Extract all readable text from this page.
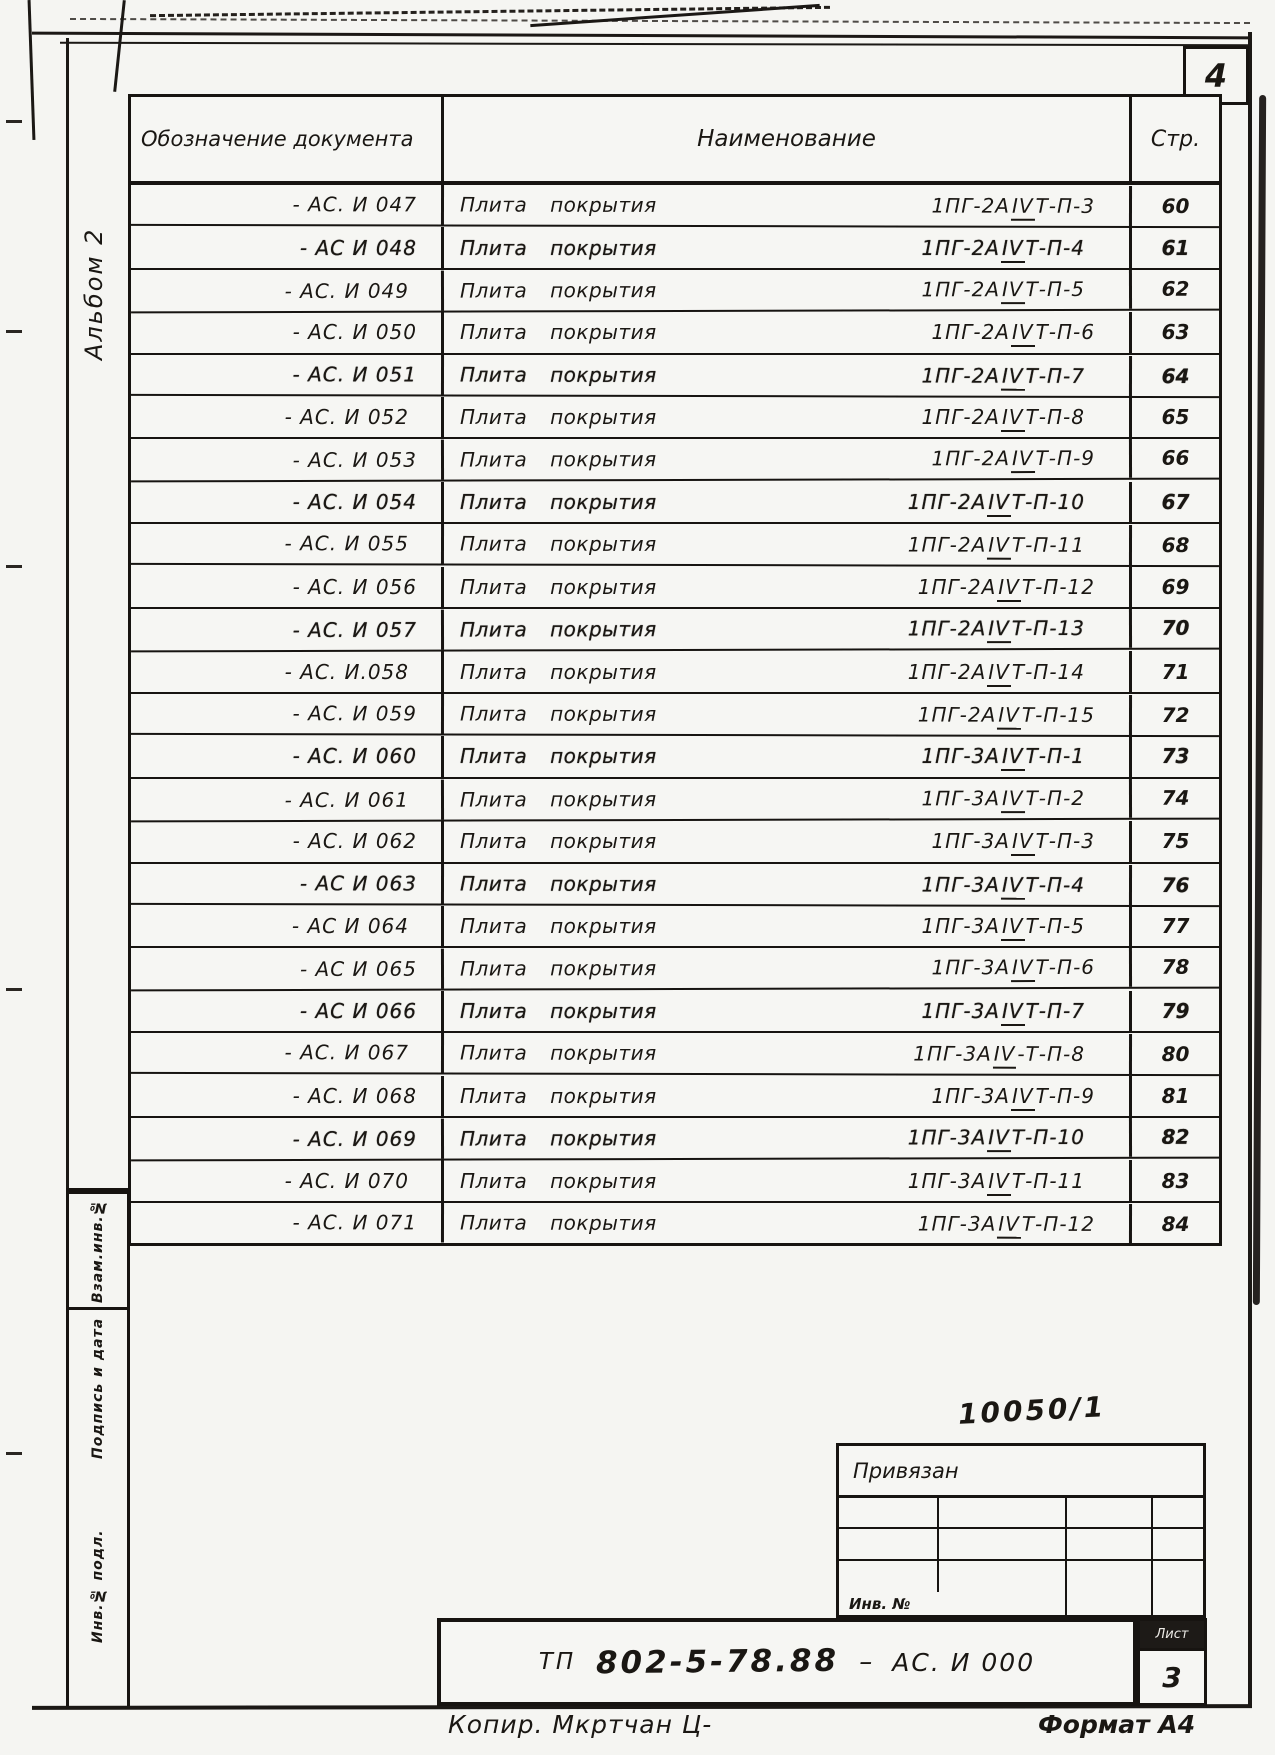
4
Альбом 2
Взам.инв.№
Подпись и дата
Инв.№ подл.
Обозначение документа	Наименование	Стр.
- АС. И 047	Плита покрытия	1ПГ-2АIVТ-П-3	60
- АС И 048	Плита покрытия	1ПГ-2А IV Т-П-4	61
- АС. И 049	Плита покрытия	1ПГ-2АIVТ-П-5	62
- АС. И 050	Плита покрытия	1ПГ-2А IV Т-П-6	63
- АС. И 051	Плита покрытия	1ПГ-2АIVТ-П-7	64
- АС. И 052	Плита покрытия	1ПГ-2А IV Т-П-8	65
- АС. И 053	Плита покрытия	1ПГ-2АIVТ-П-9	66
- АС. И 054	Плита покрытия	1ПГ-2А IV Т-П-10	67
- АС. И 055	Плита покрытия	1ПГ-2АIVТ-П-11	68
- АС. И 056	Плита покрытия	1ПГ-2А IV Т-П-12	69
- АС. И 057	Плита покрытия	1ПГ-2АIVТ-П-13	70
- АС. И.058	Плита покрытия	1ПГ-2А IV Т-П-14	71
- АС. И 059	Плита покрытия	1ПГ-2АIVТ-П-15	72
- АС. И 060	Плита покрытия	1ПГ-3А IV Т-П-1	73
- АС. И 061	Плита покрытия	1ПГ-3АIVТ-П-2	74
- АС. И 062	Плита покрытия	1ПГ-3А IV Т-П-3	75
- АС И 063	Плита покрытия	1ПГ-3АIVТ-П-4	76
- АС И 064	Плита покрытия	1ПГ-3А IV Т-П-5	77
- АС И 065	Плита покрытия	1ПГ-3АIVТ-П-6	78
- АС И 066	Плита покрытия	1ПГ-3А IV Т-П-7	79
- АС. И 067	Плита покрытия	1ПГ-3АIV-Т-П-8	80
- АС. И 068	Плита покрытия	1ПГ-3А IV Т-П-9	81
- АС. И 069	Плита покрытия	1ПГ-3АIVТ-П-10	82
- АС. И 070	Плита покрытия	1ПГ-3А IV Т-П-11	83
- АС. И 071	Плита покрытия	1ПГ-3АIVТ-П-12	84
10050/1
Привязан
Инв. №
ТП 802-5-78.88 – АС. И 000
Лист
3
Копир. Мкртчан Ц-	Формат А4
